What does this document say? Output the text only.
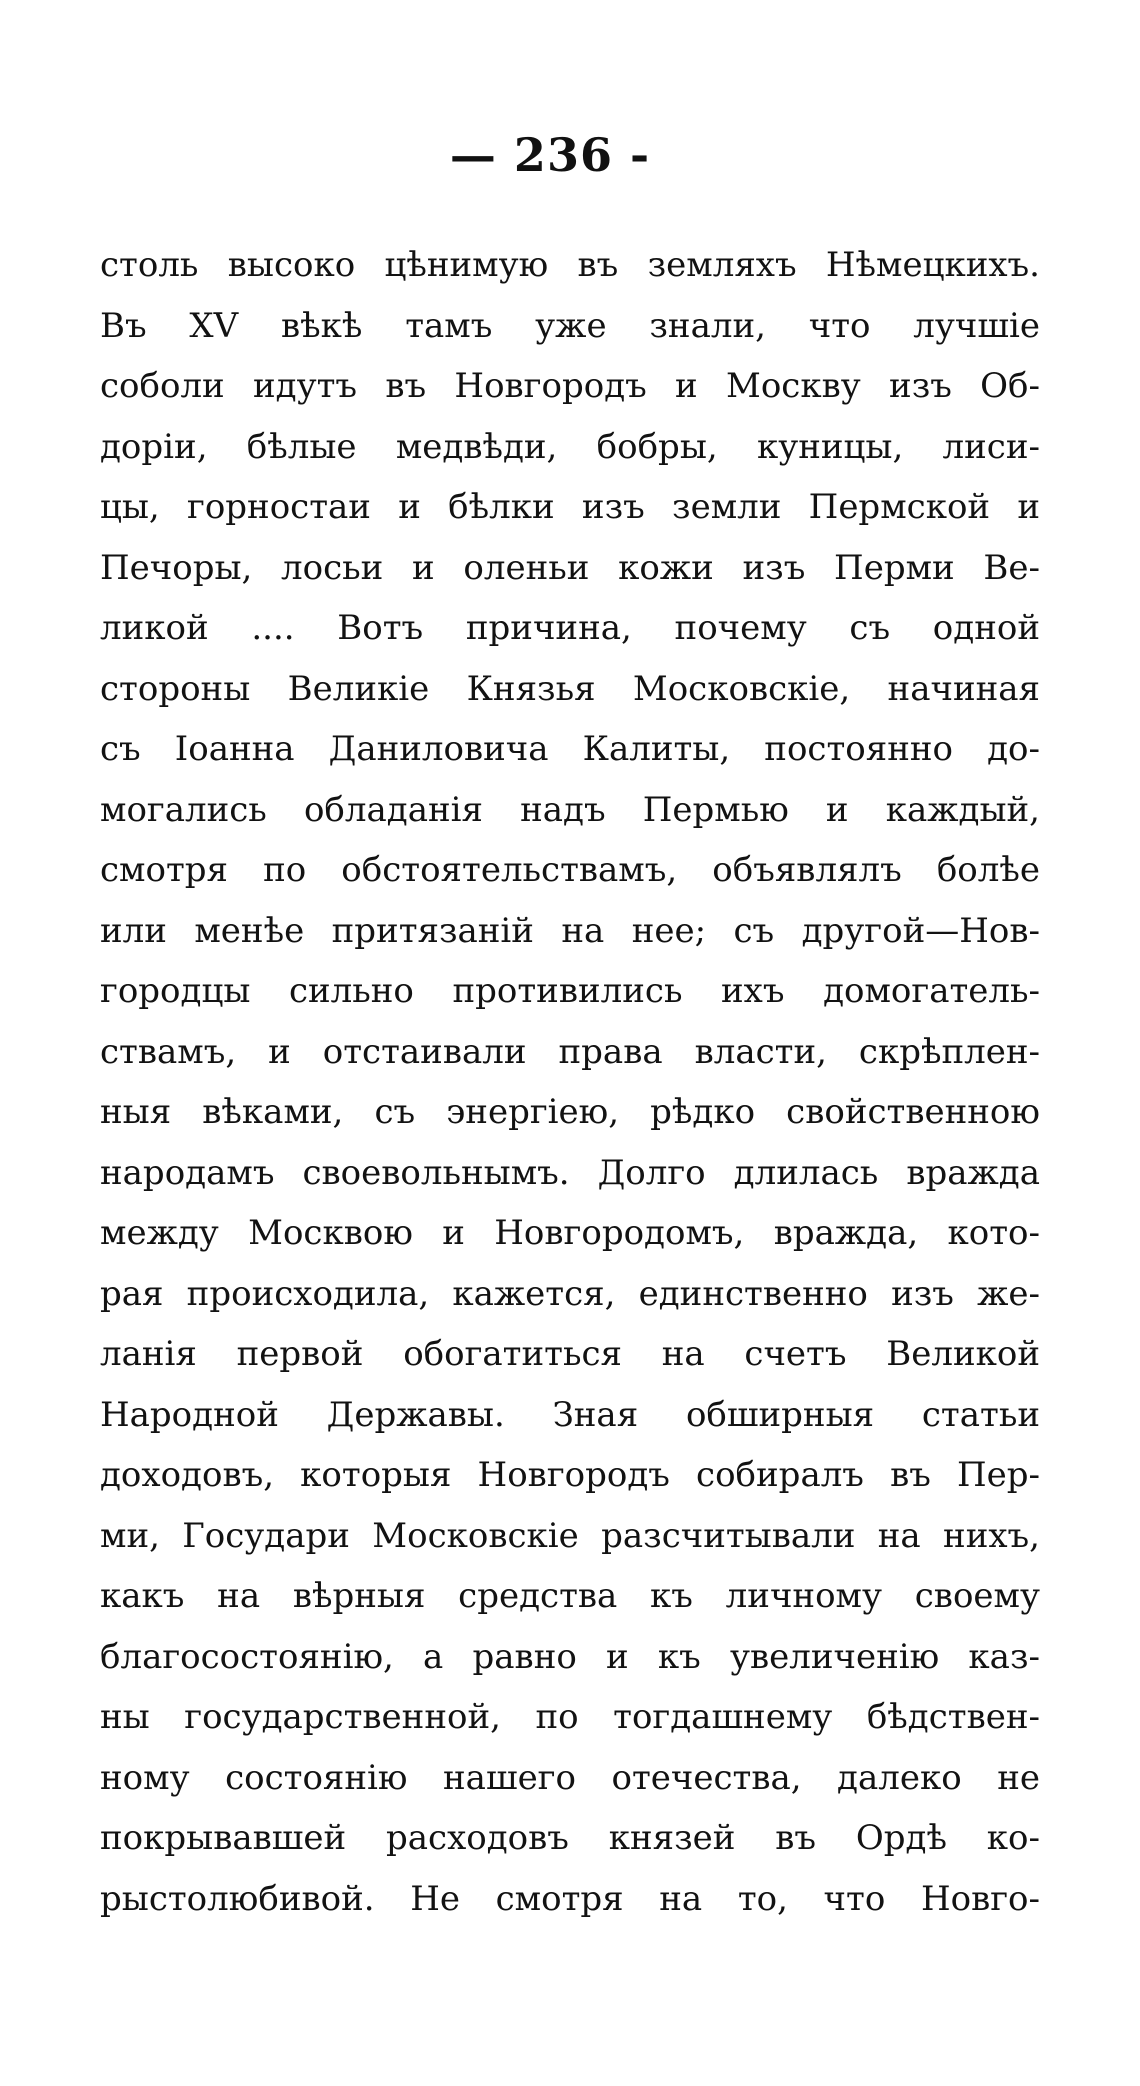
— 236 -
столь высоко цѣнимую въ земляхъ Нѣмецкихъ.
Въ XV вѣкѣ тамъ уже знали, что лучшіе
соболи идутъ въ Новгородъ и Москву изъ Об-
доріи, бѣлые медвѣди, бобры, куницы, лиси-
цы, горностаи и бѣлки изъ земли Пермской и
Печоры, лосьи и оленьи кожи изъ Перми Ве-
ликой .... Вотъ причина, почему съ одной
стороны Великіе Князья Московскіе, начиная
съ Іоанна Даниловича Калиты, постоянно до-
могались обладанія надъ Пермью и каждый,
смотря по обстоятельствамъ, объявлялъ болѣе
или менѣе притязаній на нее; съ другой—Нов-
городцы сильно противились ихъ домогатель-
ствамъ, и отстаивали права власти, скрѣплен-
ныя вѣками, съ энергіею, рѣдко свойственною
народамъ своевольнымъ. Долго длилась вражда
между Москвою и Новгородомъ, вражда, кото-
рая происходила, кажется, единственно изъ же-
ланія первой обогатиться на счетъ Великой
Народной Державы. Зная обширныя статьи
доходовъ, которыя Новгородъ собиралъ въ Пер-
ми, Государи Московскіе разсчитывали на нихъ,
какъ на вѣрныя средства къ личному своему
благосостоянію, а равно и къ увеличенію каз-
ны государственной, по тогдашнему бѣдствен-
ному состоянію нашего отечества, далеко не
покрывавшей расходовъ князей въ Ордѣ ко-
рыстолюбивой. Не смотря на то, что Новго-
